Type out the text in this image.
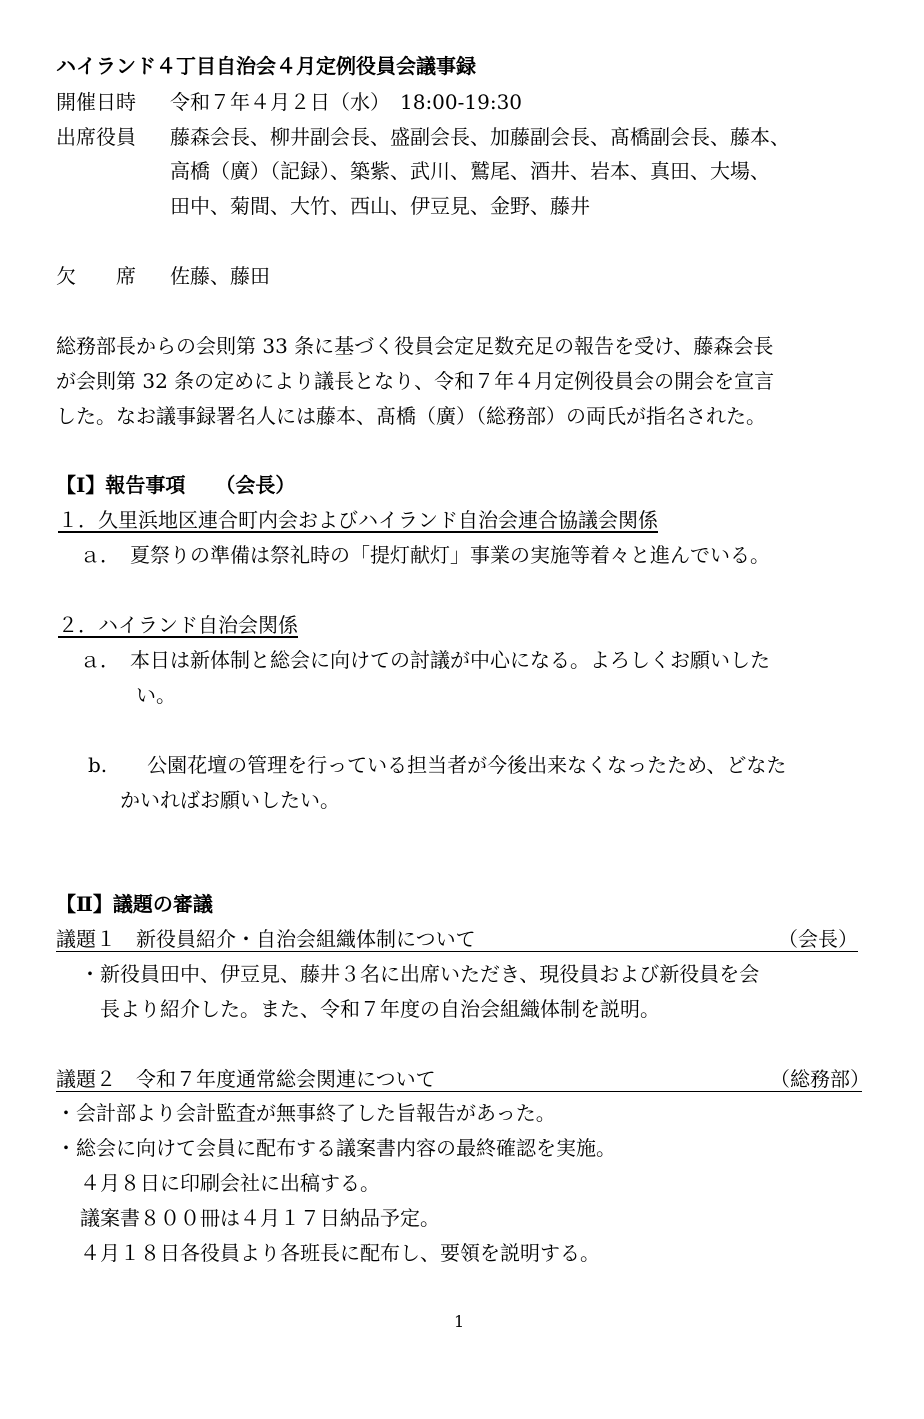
ハイランド４丁目自治会４月定例役員会議事録
開催日時 令和７年４月２日（水）　18:00-19:30
出席役員 藤森会長、柳井副会長、盛副会長、加藤副会長、髙橋副会長、藤本、
高橋（廣）（記録）、築紫、武川、鷲尾、酒井、岩本、真田、大場、
田中、菊間、大竹、西山、伊豆見、金野、藤井
欠　　席 佐藤、藤田
総務部長からの会則第 33 条に基づく役員会定足数充足の報告を受け、藤森会長
が会則第 32 条の定めにより議長となり、令和７年４月定例役員会の開会を宣言
した。なお議事録署名人には藤本、髙橋（廣）（総務部）の両氏が指名された。
【Ⅰ】報告事項　　（会長）
１．久里浜地区連合町内会およびハイランド自治会連合協議会関係
ａ．　夏祭りの準備は祭礼時の「提灯献灯」事業の実施等着々と進んでいる。
２．ハイランド自治会関係
ａ．　本日は新体制と総会に向けての討議が中心になる。よろしくお願いした
い。
b.　　公園花壇の管理を行っている担当者が今後出来なくなったため、どなた
かいればお願いしたい。
【Ⅱ】議題の審議
議題１　新役員紹介・自治会組織体制について	（会長）
・新役員田中、伊豆見、藤井３名に出席いただき、現役員および新役員を会
長より紹介した。また、令和７年度の自治会組織体制を説明。
議題２　令和７年度通常総会関連について	（総務部）
・会計部より会計監査が無事終了した旨報告があった。
・総会に向けて会員に配布する議案書内容の最終確認を実施。
４月８日に印刷会社に出稿する。
議案書８００冊は４月１７日納品予定。
４月１８日各役員より各班長に配布し、要領を説明する。
1
